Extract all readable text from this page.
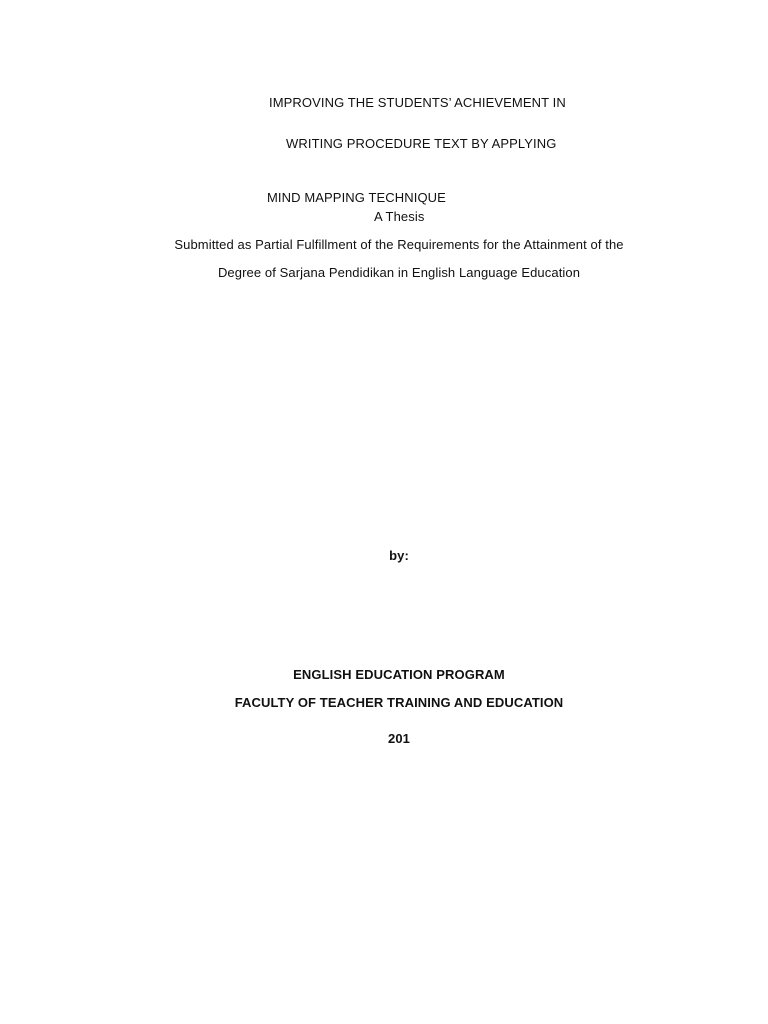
IMPROVING THE STUDENTS’ ACHIEVEMENT IN
WRITING PROCEDURE TEXT BY APPLYING
MIND MAPPING TECHNIQUE
A Thesis
Submitted as Partial Fulfillment of the Requirements for the Attainment of the
Degree of Sarjana Pendidikan in English Language Education
by:
ENGLISH EDUCATION PROGRAM
FACULTY OF TEACHER TRAINING AND EDUCATION
201
